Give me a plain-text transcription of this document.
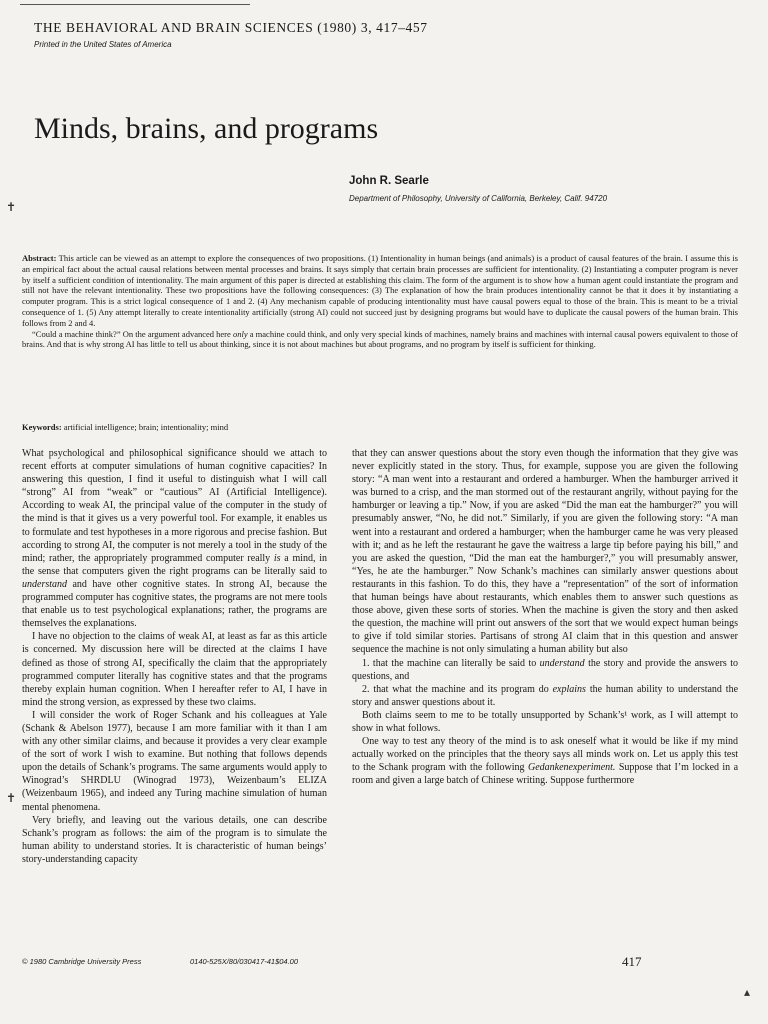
THE BEHAVIORAL AND BRAIN SCIENCES (1980) 3, 417–457
Printed in the United States of America
Minds, brains, and programs
John R. Searle
Department of Philosophy, University of California, Berkeley, Calif. 94720

Abstract: This article can be viewed as an attempt to explore the consequences of two propositions. (1) Intentionality in human beings (and animals) is a product of causal features of the brain. I assume this is an empirical fact about the actual causal relations between mental processes and brains. It says simply that certain brain processes are sufficient for intentionality. (2) Instantiating a computer program is never by itself a sufficient condition of intentionality. The main argument of this paper is directed at establishing this claim. The form of the argument is to show how a human agent could instantiate the program and still not have the relevant intentionality. These two propositions have the following consequences: (3) The explanation of how the brain produces intentionality cannot be that it does it by instantiating a computer program. This is a strict logical consequence of 1 and 2. (4) Any mechanism capable of producing intentionality must have causal powers equal to those of the brain. This is meant to be a trivial consequence of 1. (5) Any attempt literally to create intentionality artificially (strong AI) could not succeed just by designing programs but would have to duplicate the causal powers of the human brain. This follows from 2 and 4.

“Could a machine think?” On the argument advanced here only a machine could think, and only very special kinds of machines, namely brains and machines with internal causal powers equivalent to those of brains. And that is why strong AI has little to tell us about thinking, since it is not about machines but about programs, and no program by itself is sufficient for thinking.

Keywords: artificial intelligence; brain; intentionality; mind

What psychological and philosophical significance should we attach to recent efforts at computer simulations of human cognitive capacities? In answering this question, I find it useful to distinguish what I will call “strong” AI from “weak” or “cautious” AI (Artificial Intelligence). According to weak AI, the principal value of the computer in the study of the mind is that it gives us a very powerful tool. For example, it enables us to formulate and test hypotheses in a more rigorous and precise fashion. But according to strong AI, the computer is not merely a tool in the study of the mind; rather, the appropriately programmed computer really is a mind, in the sense that computers given the right programs can be literally said to understand and have other cognitive states. In strong AI, because the programmed computer has cognitive states, the programs are not mere tools that enable us to test psychological explanations; rather, the programs are themselves the explanations.

I have no objection to the claims of weak AI, at least as far as this article is concerned. My discussion here will be directed at the claims I have defined as those of strong AI, specifically the claim that the appropriately programmed computer literally has cognitive states and that the programs thereby explain human cognition. When I hereafter refer to AI, I have in mind the strong version, as expressed by these two claims.

I will consider the work of Roger Schank and his colleagues at Yale (Schank & Abelson 1977), because I am more familiar with it than I am with any other similar claims, and because it provides a very clear example of the sort of work I wish to examine. But nothing that follows depends upon the details of Schank’s programs. The same arguments would apply to Winograd’s SHRDLU (Winograd 1973), Weizenbaum’s ELIZA (Weizenbaum 1965), and indeed any Turing machine simulation of human mental phenomena.

Very briefly, and leaving out the various details, one can describe Schank’s program as follows: the aim of the program is to simulate the human ability to understand stories. It is characteristic of human beings’ story-understanding capacity

that they can answer questions about the story even though the information that they give was never explicitly stated in the story. Thus, for example, suppose you are given the following story: “A man went into a restaurant and ordered a hamburger. When the hamburger arrived it was burned to a crisp, and the man stormed out of the restaurant angrily, without paying for the hamburger or leaving a tip.” Now, if you are asked “Did the man eat the hamburger?” you will presumably answer, “No, he did not.” Similarly, if you are given the following story: “A man went into a restaurant and ordered a hamburger; when the hamburger came he was very pleased with it; and as he left the restaurant he gave the waitress a large tip before paying his bill,” and you are asked the question, “Did the man eat the hamburger?,” you will presumably answer, “Yes, he ate the hamburger.” Now Schank’s machines can similarly answer questions about restaurants in this fashion. To do this, they have a “representation” of the sort of information that human beings have about restaurants, which enables them to answer such questions as those above, given these sorts of stories. When the machine is given the story and then asked the question, the machine will print out answers of the sort that we would expect human beings to give if told similar stories. Partisans of strong AI claim that in this question and answer sequence the machine is not only simulating a human ability but also

1. that the machine can literally be said to understand the story and provide the answers to questions, and

2. that what the machine and its program do explains the human ability to understand the story and answer questions about it.

Both claims seem to me to be totally unsupported by Schank’s¹ work, as I will attempt to show in what follows.

One way to test any theory of the mind is to ask oneself what it would be like if my mind actually worked on the principles that the theory says all minds work on. Let us apply this test to the Schank program with the following Gedankenexperiment. Suppose that I’m locked in a room and given a large batch of Chinese writing. Suppose furthermore

© 1980 Cambridge University Press	0140-525X/80/030417-41$04.00	417
✝
✝
▴
